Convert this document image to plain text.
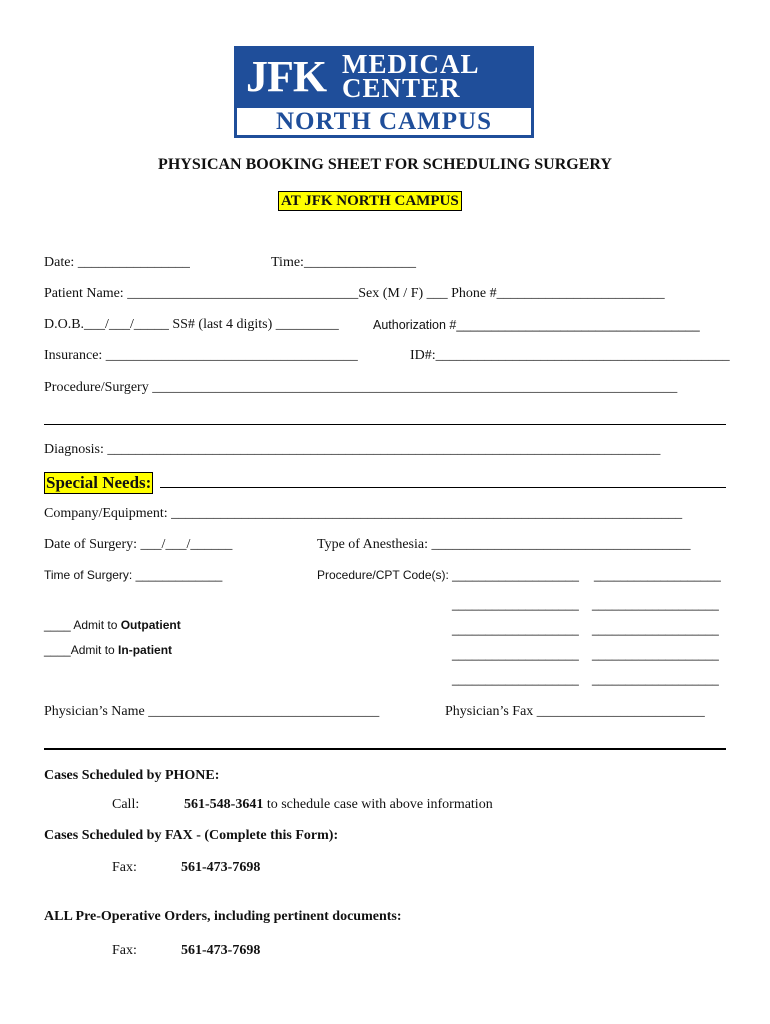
JFK MEDICAL
CENTER
NORTH CAMPUS
PHYSICAN BOOKING SHEET FOR SCHEDULING SURGERY
AT JFK NORTH CAMPUS
Date: ________________	Time:________________
Patient Name: _________________________________Sex (M / F) ___ Phone #________________________
D.O.B.___/___/_____ SS# (last 4 digits) _________	Authorization #___________________________________
Insurance: ____________________________________	ID#:__________________________________________
Procedure/Surgery ___________________________________________________________________________
Diagnosis: _______________________________________________________________________________
Special Needs:
Company/Equipment: _________________________________________________________________________
Date of Surgery: ___/___/______	Type of Anesthesia: _____________________________________
Time of Surgery: _____________	Procedure/CPT Code(s): ___________________ ___________________
___________________ ___________________
____ Admit to Outpatient	___________________ ___________________
____Admit to In-patient	___________________ ___________________
___________________ ___________________
Physician’s Name _________________________________	Physician’s Fax ________________________
Cases Scheduled by PHONE:
Call:	561-548-3641 to schedule case with above information
Cases Scheduled by FAX - (Complete this Form):
Fax:	561-473-7698
ALL Pre-Operative Orders, including pertinent documents:
Fax:	561-473-7698
